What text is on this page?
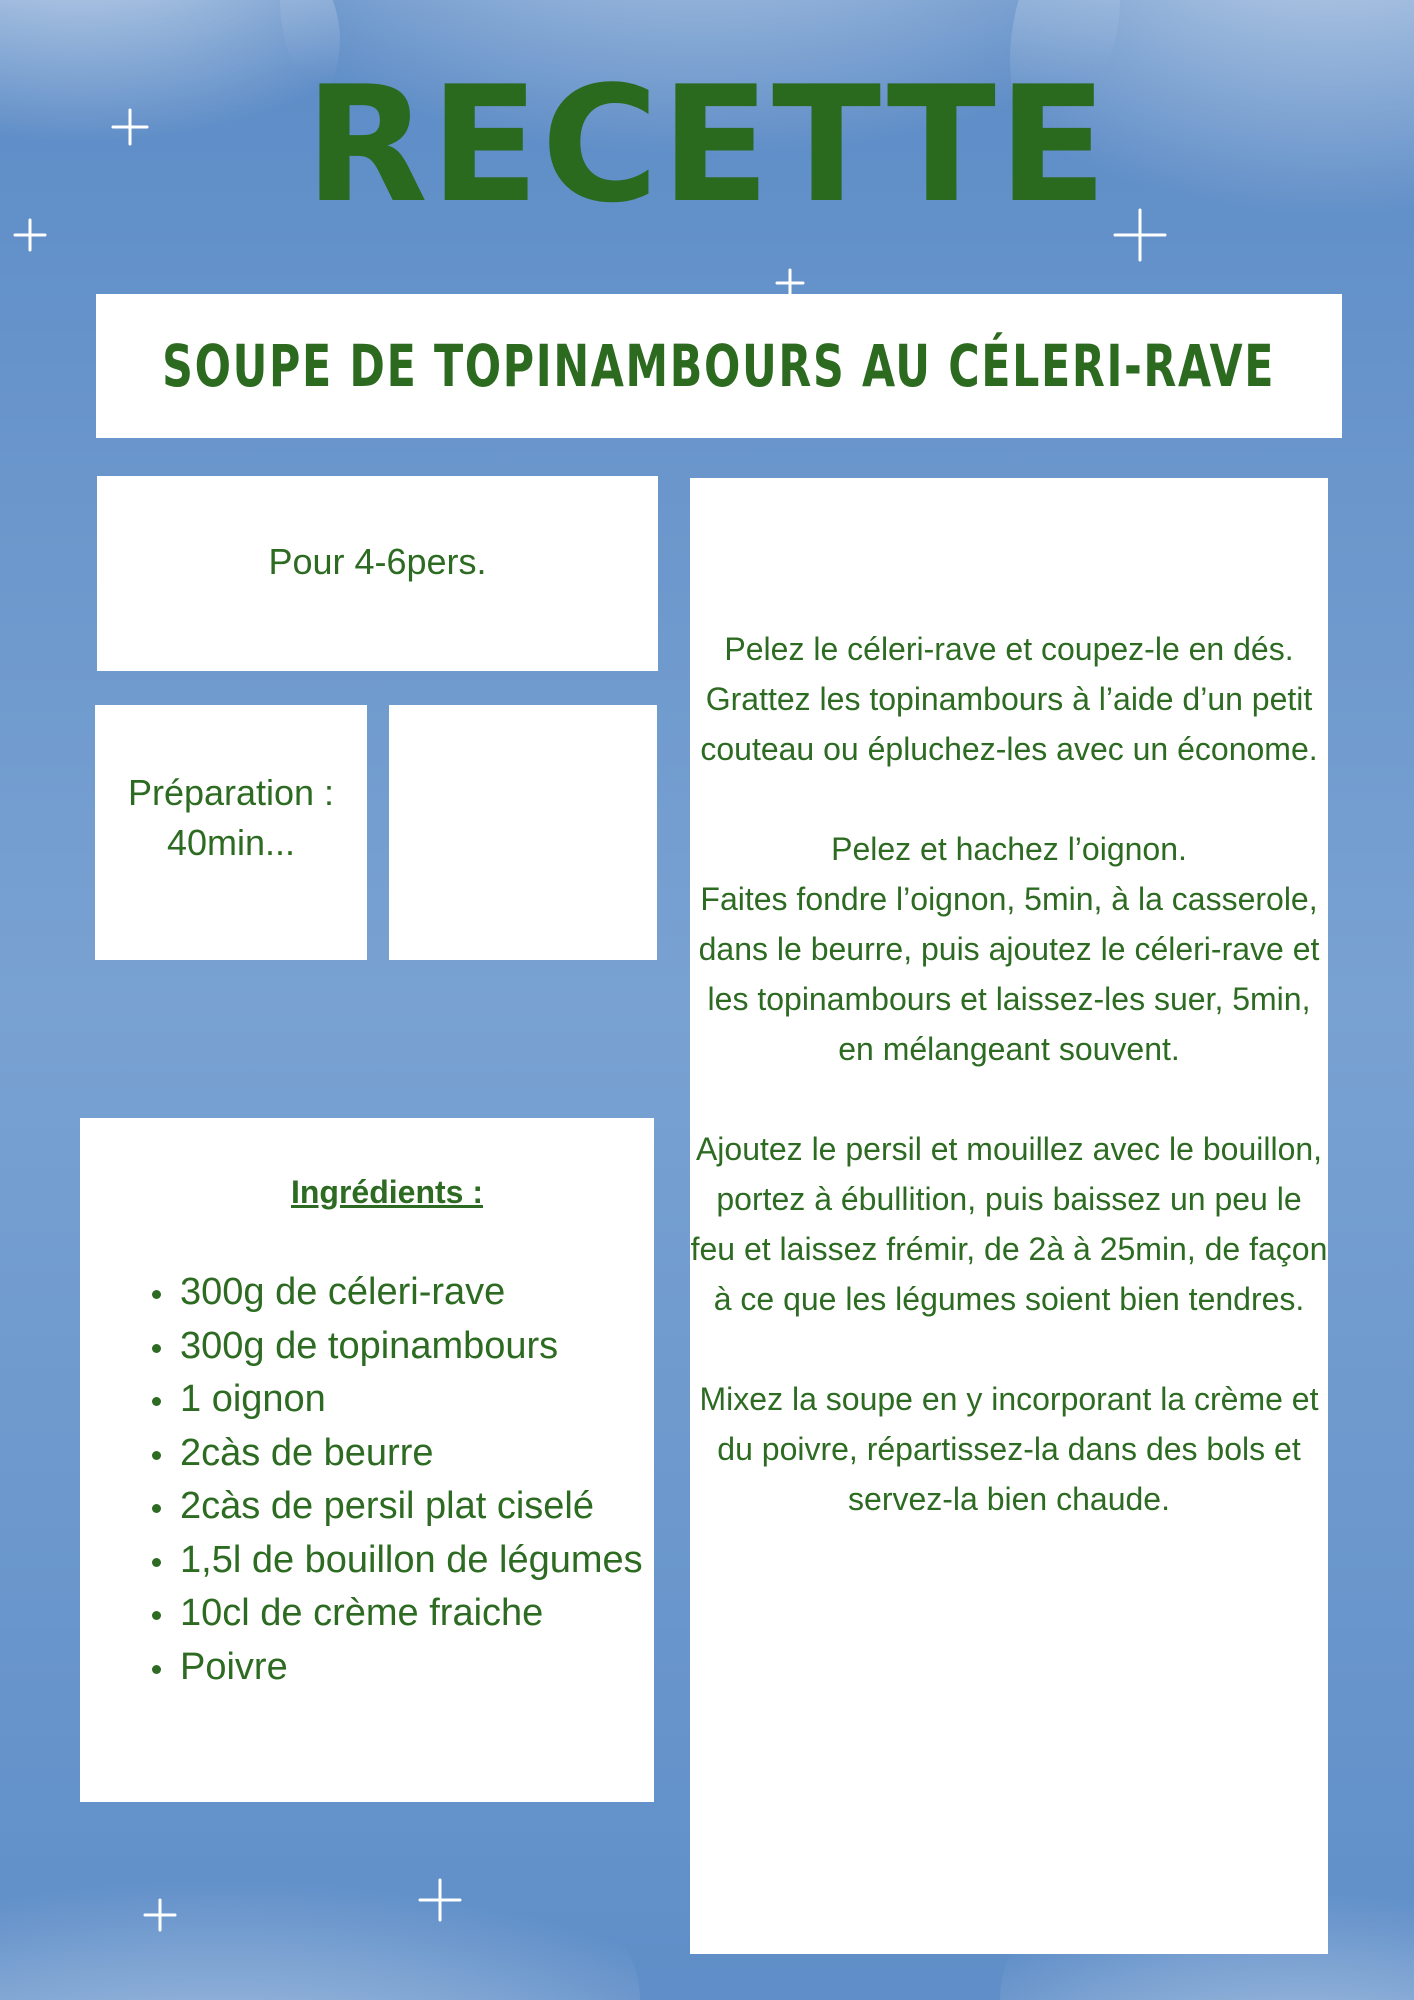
RECETTE
SOUPE DE TOPINAMBOURS AU CÉLERI-RAVE
Pour 4-6pers.
Préparation :
40min...
Ingrédients :
300g de céleri-rave
300g de topinambours
1 oignon
2càs de beurre
2càs de persil plat ciselé
1,5l de bouillon de légumes
10cl de crème fraiche
Poivre

Pelez le céleri-rave et coupez-le en dés. Grattez les topinambours à l’aide d’un petit couteau ou épluchez-les avec un économe.

Pelez et hachez l’oignon.
Faites fondre l’oignon, 5min, à la casserole, dans le beurre, puis ajoutez le céleri-rave et les topinambours et laissez-les suer, 5min, en mélangeant souvent.

Ajoutez le persil et mouillez avec le bouillon, portez à ébullition, puis baissez un peu le feu et laissez frémir, de 2à à 25min, de façon à ce que les légumes soient bien tendres.

Mixez la soupe en y incorporant la crème et du poivre, répartissez-la dans des bols et servez-la bien chaude.
